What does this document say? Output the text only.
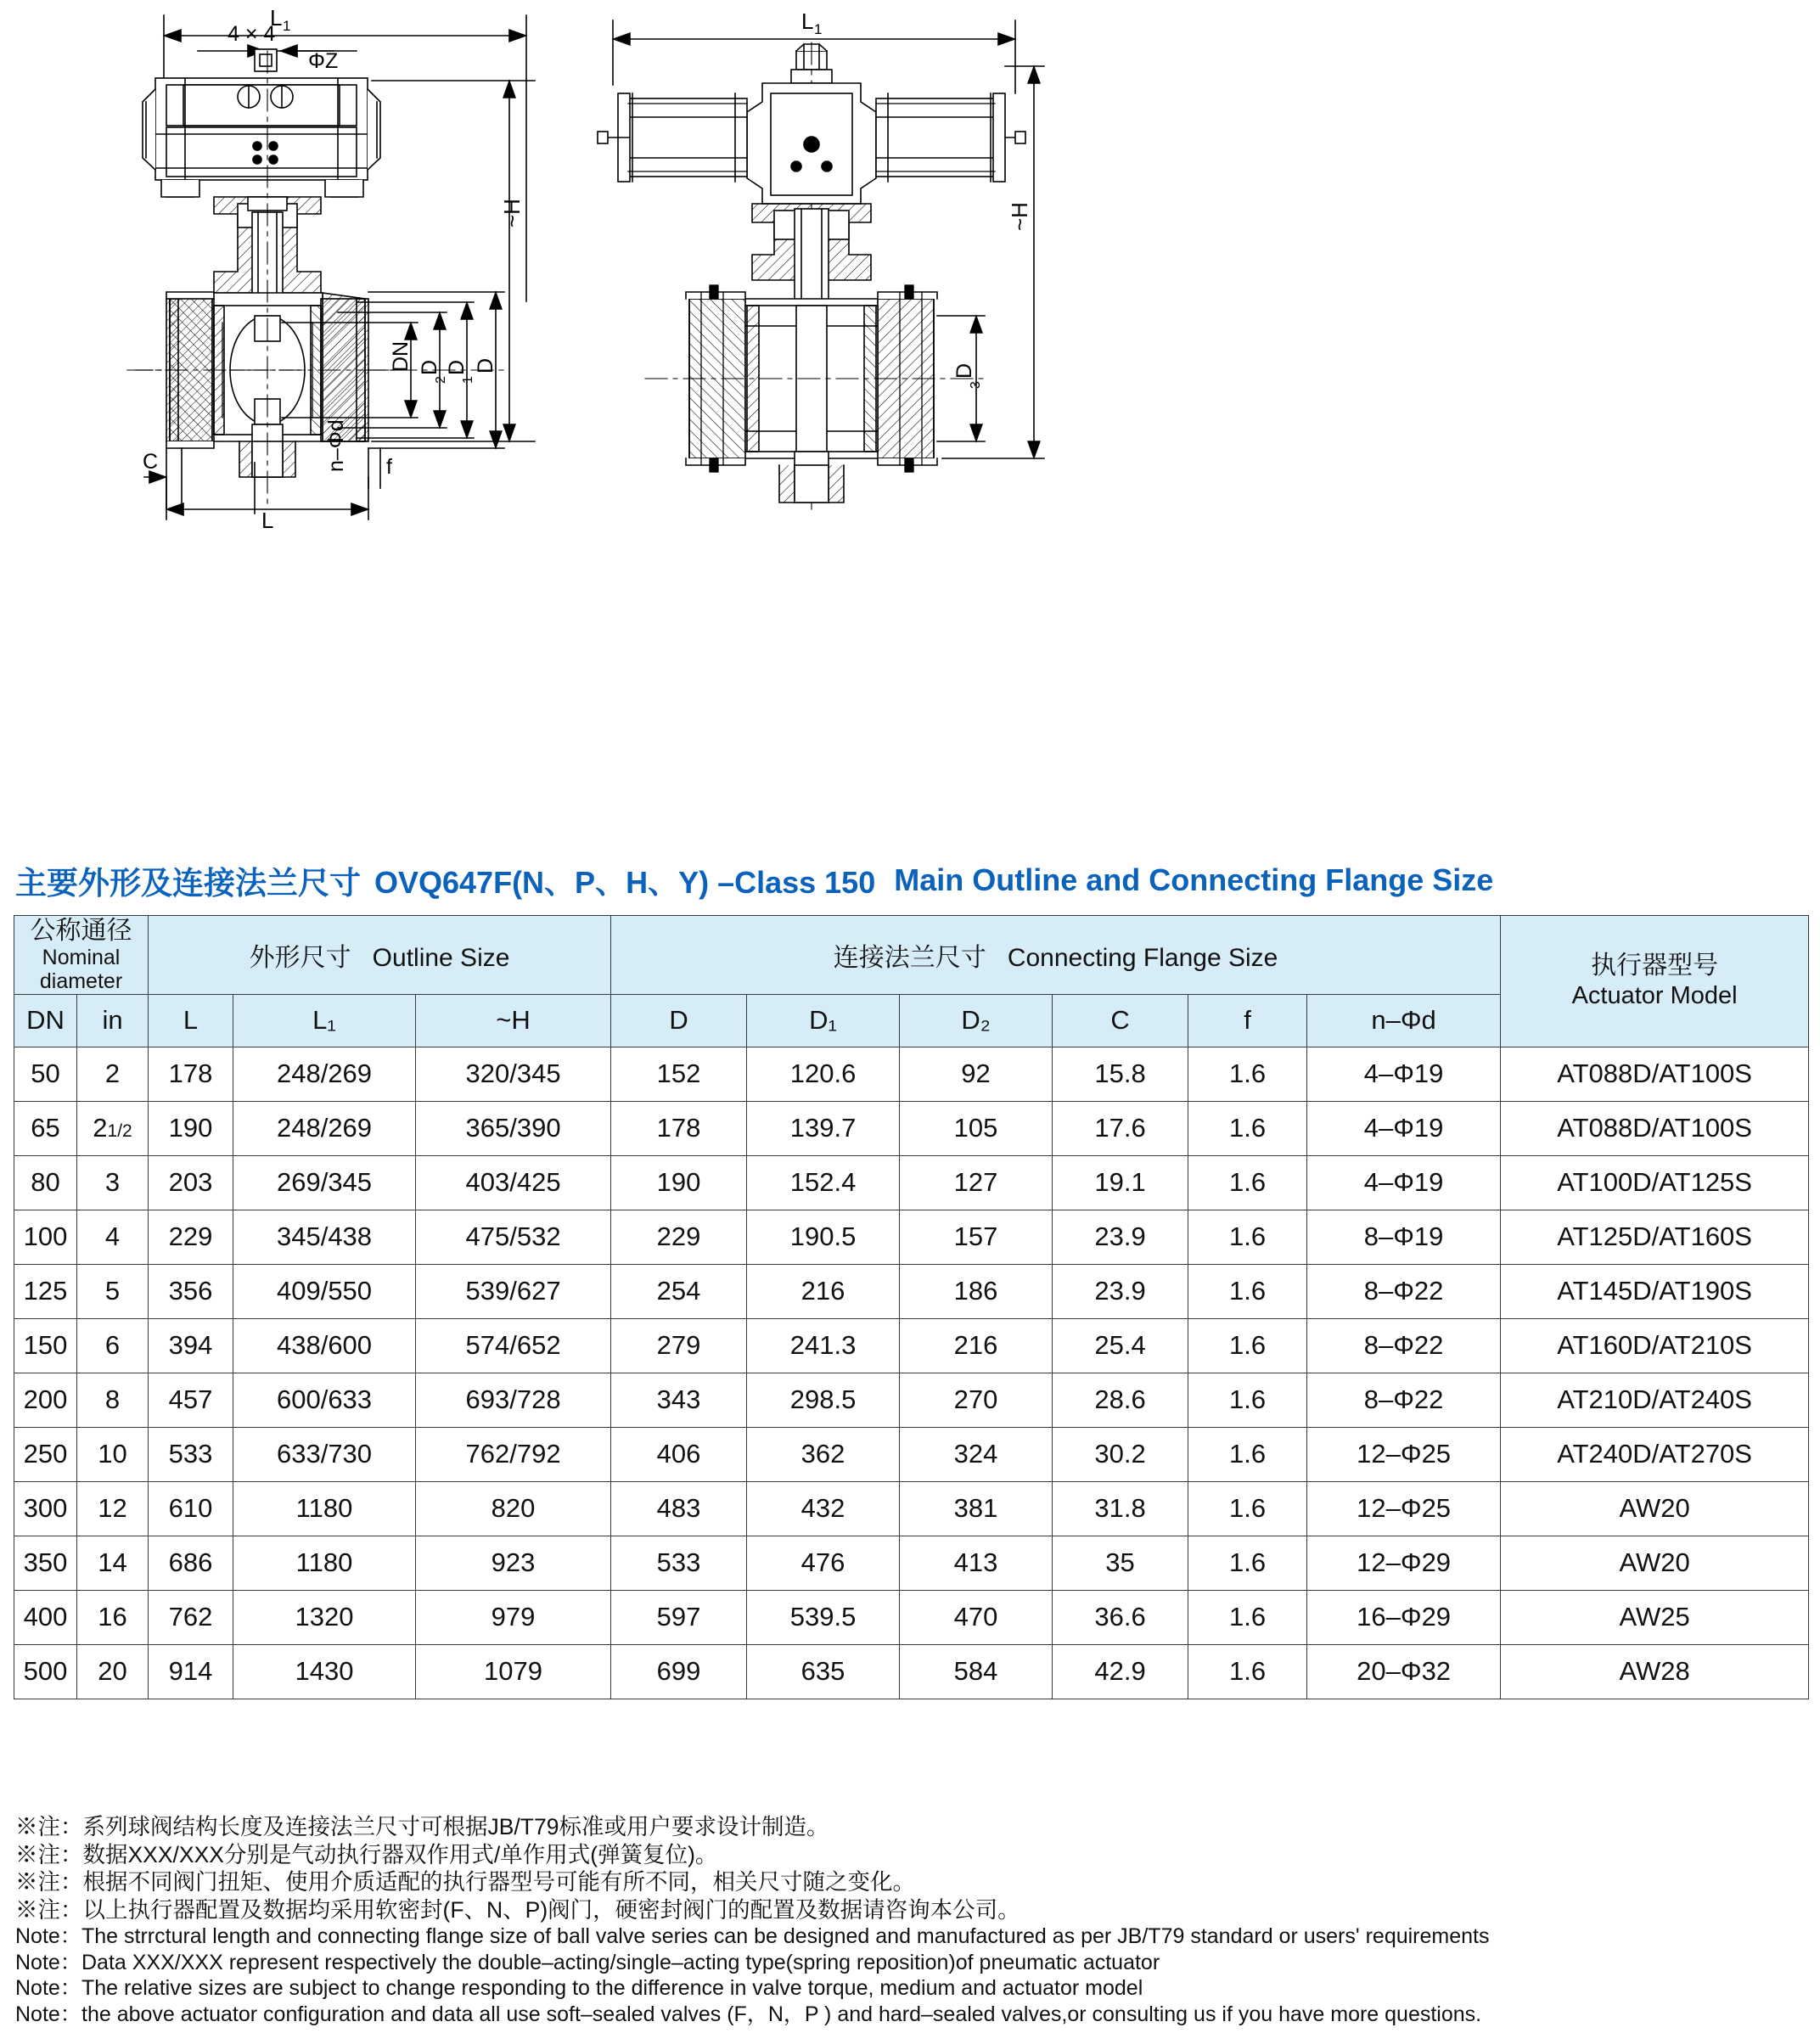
L 1
4 × 4
ΦZ
~H
DN D
2
D
1
D
C	n–Φd f
L
L 1
~H
D
3
主要外形及连接法兰尺寸 OVQ647F(N、P、H、Y) –Class 150 Main Outline and Connecting Flange Size
公称通径
Nominal diameter		外形尺寸 Outline Size			连接法兰尺寸 Connecting Flange Size						执行器型号
Actuator Model

DN	in	L	L₁	~H	D	D₁	D₂	C	f	n–Φd	
50	2	178	248/269	320/345	152	120.6	92	15.8	1.6	4–Φ19	AT088D/AT100S
65	21/2	190	248/269	365/390	178	139.7	105	17.6	1.6	4–Φ19	AT088D/AT100S
80	3	203	269/345	403/425	190	152.4	127	19.1	1.6	4–Φ19	AT100D/AT125S
100	4	229	345/438	475/532	229	190.5	157	23.9	1.6	8–Φ19	AT125D/AT160S
125	5	356	409/550	539/627	254	216	186	23.9	1.6	8–Φ22	AT145D/AT190S
150	6	394	438/600	574/652	279	241.3	216	25.4	1.6	8–Φ22	AT160D/AT210S
200	8	457	600/633	693/728	343	298.5	270	28.6	1.6	8–Φ22	AT210D/AT240S
250	10	533	633/730	762/792	406	362	324	30.2	1.6	12–Φ25	AT240D/AT270S
300	12	610	1180	820	483	432	381	31.8	1.6	12–Φ25	AW20
350	14	686	1180	923	533	476	413	35	1.6	12–Φ29	AW20
400	16	762	1320	979	597	539.5	470	36.6	1.6	16–Φ29	AW25
500	20	914	1430	1079	699	635	584	42.9	1.6	20–Φ32	AW28
※注：系列球阀结构长度及连接法兰尺寸可根据JB/T79标准或用户要求设计制造。
※注：数据XXX/XXX分别是气动执行器双作用式/单作用式(弹簧复位)。
※注：根据不同阀门扭矩、使用介质适配的执行器型号可能有所不同，相关尺寸随之变化。
※注：以上执行器配置及数据均采用软密封(F、N、P)阀门，硬密封阀门的配置及数据请咨询本公司。
Note：The strrctural length and connecting flange size of ball valve series can be designed and manufactured as per JB/T79 standard or users' requirements
Note：Data XXX/XXX represent respectively the double–acting/single–acting type(spring reposition)of pneumatic actuator
Note：The relative sizes are subject to change responding to the difference in valve torque, medium and actuator model
Note：the above actuator configuration and data all use soft–sealed valves (F，N，P ) and hard–sealed valves,or consulting us if you have more questions.
